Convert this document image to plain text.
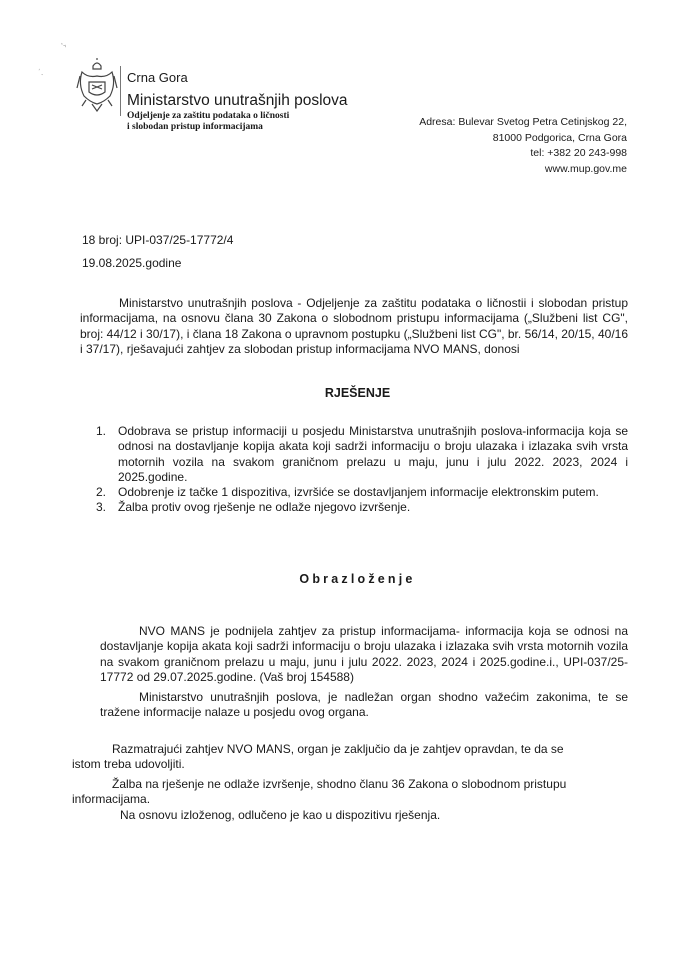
ˎ‸
ˎ ˏ	Crna Gora
Ministarstvo unutrašnjih poslova
Odjeljenje za zaštitu podataka o ličnosti
i slobodan pristup informacijama	Adresa: Bulevar Svetog Petra Cetinjskog 22,
81000 Podgorica, Crna Gora
tel: +382 20 243-998
www.mup.gov.me
18 broj: UPI-037/25-17772/4
19.08.2025.godine
Ministarstvo unutrašnjih poslova - Odjeljenje za zaštitu podataka o ličnostii i slobodan pristup informacijama, na osnovu člana 30 Zakona o slobodnom pristupu informacijama („Službeni list CG", broj: 44/12 i 30/17), i člana 18 Zakona o upravnom postupku („Službeni list CG", br. 56/14, 20/15, 40/16 i 37/17), rješavajući zahtjev za slobodan pristup informacijama NVO MANS, donosi
RJEŠENJE
1. Odobrava se pristup informaciji u posjedu Ministarstva unutrašnjih poslova-informacija koja se odnosi na dostavljanje kopija akata koji sadrži informaciju o broju ulazaka i izlazaka svih vrsta motornih vozila na svakom graničnom prelazu u maju, junu i julu 2022. 2023, 2024 i 2025.godine.
2. Odobrenje iz tačke 1 dispozitiva, izvršiće se dostavljanjem informacije elektronskim putem.
3. Žalba protiv ovog rješenje ne odlaže njegovo izvršenje.
Obrazloženje
NVO MANS je podnijela zahtjev za pristup informacijama- informacija koja se odnosi na dostavljanje kopija akata koji sadrži informaciju o broju ulazaka i izlazaka svih vrsta motornih vozila na svakom graničnom prelazu u maju, junu i julu 2022. 2023, 2024 i 2025.godine.i., UPI-037/25-17772 od 29.07.2025.godine. (Vaš broj 154588)
Ministarstvo unutrašnjih poslova, je nadležan organ shodno važećim zakonima, te se tražene informacije nalaze u posjedu ovog organa.
Razmatrajući zahtjev NVO MANS, organ je zaključio da je zahtjev opravdan, te da se istom treba udovoljiti.
Žalba na rješenje ne odlaže izvršenje, shodno članu 36 Zakona o slobodnom pristupu informacijama.
Na osnovu izloženog, odlučeno je kao u dispozitivu rješenja.
